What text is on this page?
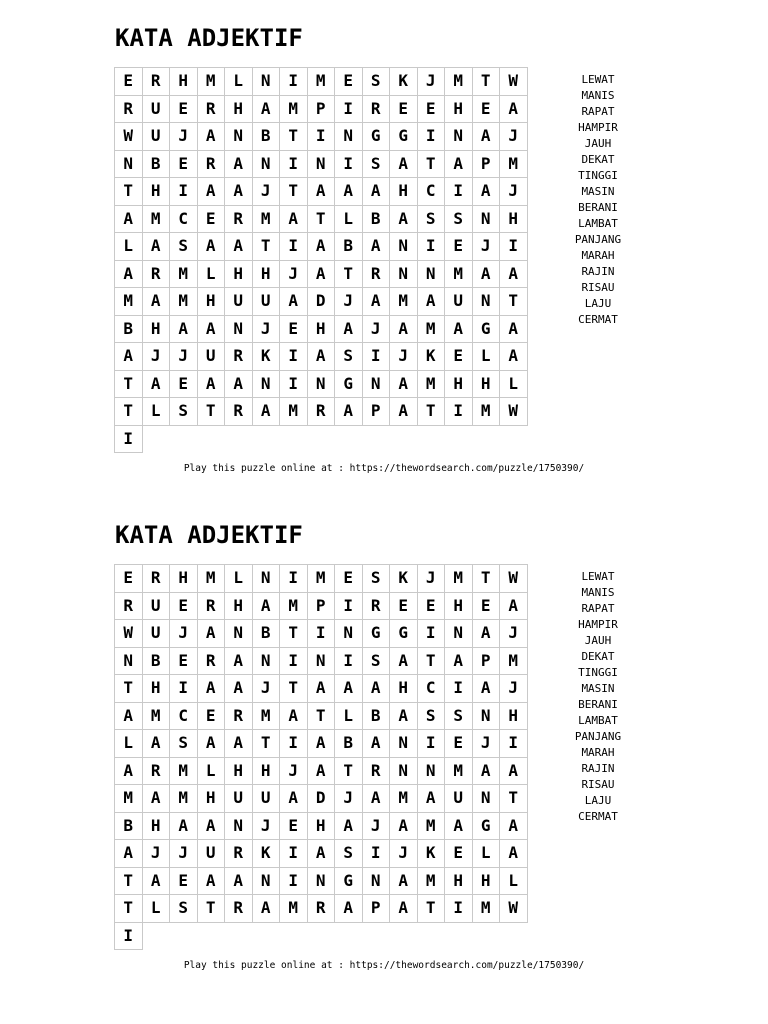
KATA ADJEKTIF
E	R	H	M	L	N	I	M	E	S	K	J	M	T	W
R	U	E	R	H	A	M	P	I	R	E	E	H	E	A
W	U	J	A	N	B	T	I	N	G	G	I	N	A	J
N	B	E	R	A	N	I	N	I	S	A	T	A	P	M
T	H	I	A	A	J	T	A	A	A	H	C	I	A	J
A	M	C	E	R	M	A	T	L	B	A	S	S	N	H
L	A	S	A	A	T	I	A	B	A	N	I	E	J	I
A	R	M	L	H	H	J	A	T	R	N	N	M	A	A
M	A	M	H	U	U	A	D	J	A	M	A	U	N	T
B	H	A	A	N	J	E	H	A	J	A	M	A	G	A
A	J	J	U	R	K	I	A	S	I	J	K	E	L	A
T	A	E	A	A	N	I	N	G	N	A	M	H	H	L
T	L	S	T	R	A	M	R	A	P	A	T	I	M	W
I
LEWAT
MANIS
RAPAT
HAMPIR
JAUH
DEKAT
TINGGI
MASIN
BERANI
LAMBAT
PANJANG
MARAH
RAJIN
RISAU
LAJU
CERMAT
Play this puzzle online at : https://thewordsearch.com/puzzle/1750390/
KATA ADJEKTIF
E	R	H	M	L	N	I	M	E	S	K	J	M	T	W
R	U	E	R	H	A	M	P	I	R	E	E	H	E	A
W	U	J	A	N	B	T	I	N	G	G	I	N	A	J
N	B	E	R	A	N	I	N	I	S	A	T	A	P	M
T	H	I	A	A	J	T	A	A	A	H	C	I	A	J
A	M	C	E	R	M	A	T	L	B	A	S	S	N	H
L	A	S	A	A	T	I	A	B	A	N	I	E	J	I
A	R	M	L	H	H	J	A	T	R	N	N	M	A	A
M	A	M	H	U	U	A	D	J	A	M	A	U	N	T
B	H	A	A	N	J	E	H	A	J	A	M	A	G	A
A	J	J	U	R	K	I	A	S	I	J	K	E	L	A
T	A	E	A	A	N	I	N	G	N	A	M	H	H	L
T	L	S	T	R	A	M	R	A	P	A	T	I	M	W
I
LEWAT
MANIS
RAPAT
HAMPIR
JAUH
DEKAT
TINGGI
MASIN
BERANI
LAMBAT
PANJANG
MARAH
RAJIN
RISAU
LAJU
CERMAT
Play this puzzle online at : https://thewordsearch.com/puzzle/1750390/
